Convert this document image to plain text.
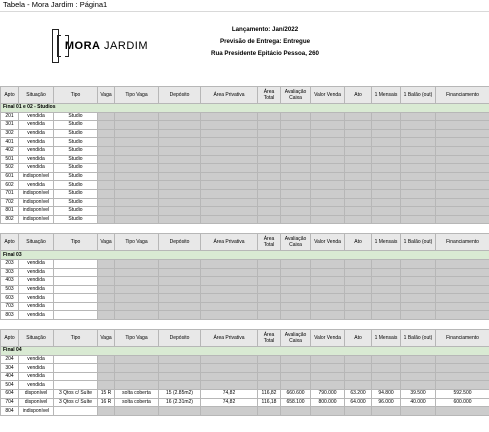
Tabela - Mora Jardim : Página1
MORA JARDIM
Lançamento: Jan/2022
Previsão de Entrega: Entregue
Rua Presidente Epitácio Pessoa, 260
Apto	Situação	Tipo	Vaga	Tipo Vaga	Depósito	Área Privativa	Área Total	Avaliação Caixa	Valor Venda	Ato	1 Mensais	1 Balão (out)	Financiamento
Final 01 e 02 - Studios													
201	vendida	Studio											
301	vendida	Studio											
302	vendida	Studio											
401	vendida	Studio											
402	vendida	Studio											
501	vendida	Studio											
502	vendida	Studio											
601	indisponível	Studio											
602	vendida	Studio											
701	indisponível	Studio											
702	indisponível	Studio											
801	indisponível	Studio											
802	indisponível	Studio											

Apto	Situação	Tipo	Vaga	Tipo Vaga	Depósito	Área Privativa	Área Total	Avaliação Caixa	Valor Venda	Ato	1 Mensais	1 Balão (out)	Financiamento
Final 03													
203	vendida												
303	vendida												
403	vendida												
503	vendida												
603	vendida												
703	vendida												
803	vendida												

Apto	Situação	Tipo	Vaga	Tipo Vaga	Depósito	Área Privativa	Área Total	Avaliação Caixa	Valor Venda	Ato	1 Mensais	1 Balão (out)	Financiamento
Final 04													
204	vendida												
304	vendida												
404	vendida												
504	vendida												
604	disponível	3 Qtos c/ Suíte	15 R	solta coberta	15 (2.85m2)	74,82	116,82	660.600	790.000	63.200	94.800	39.500	592.500
704	disponível	3 Qtos c/ Suíte	16 R	solta coberta	16 (2.31m2)	74,82	116,18	658.100	800.000	64.000	96.000	40.000	600.000
804	indisponível												
